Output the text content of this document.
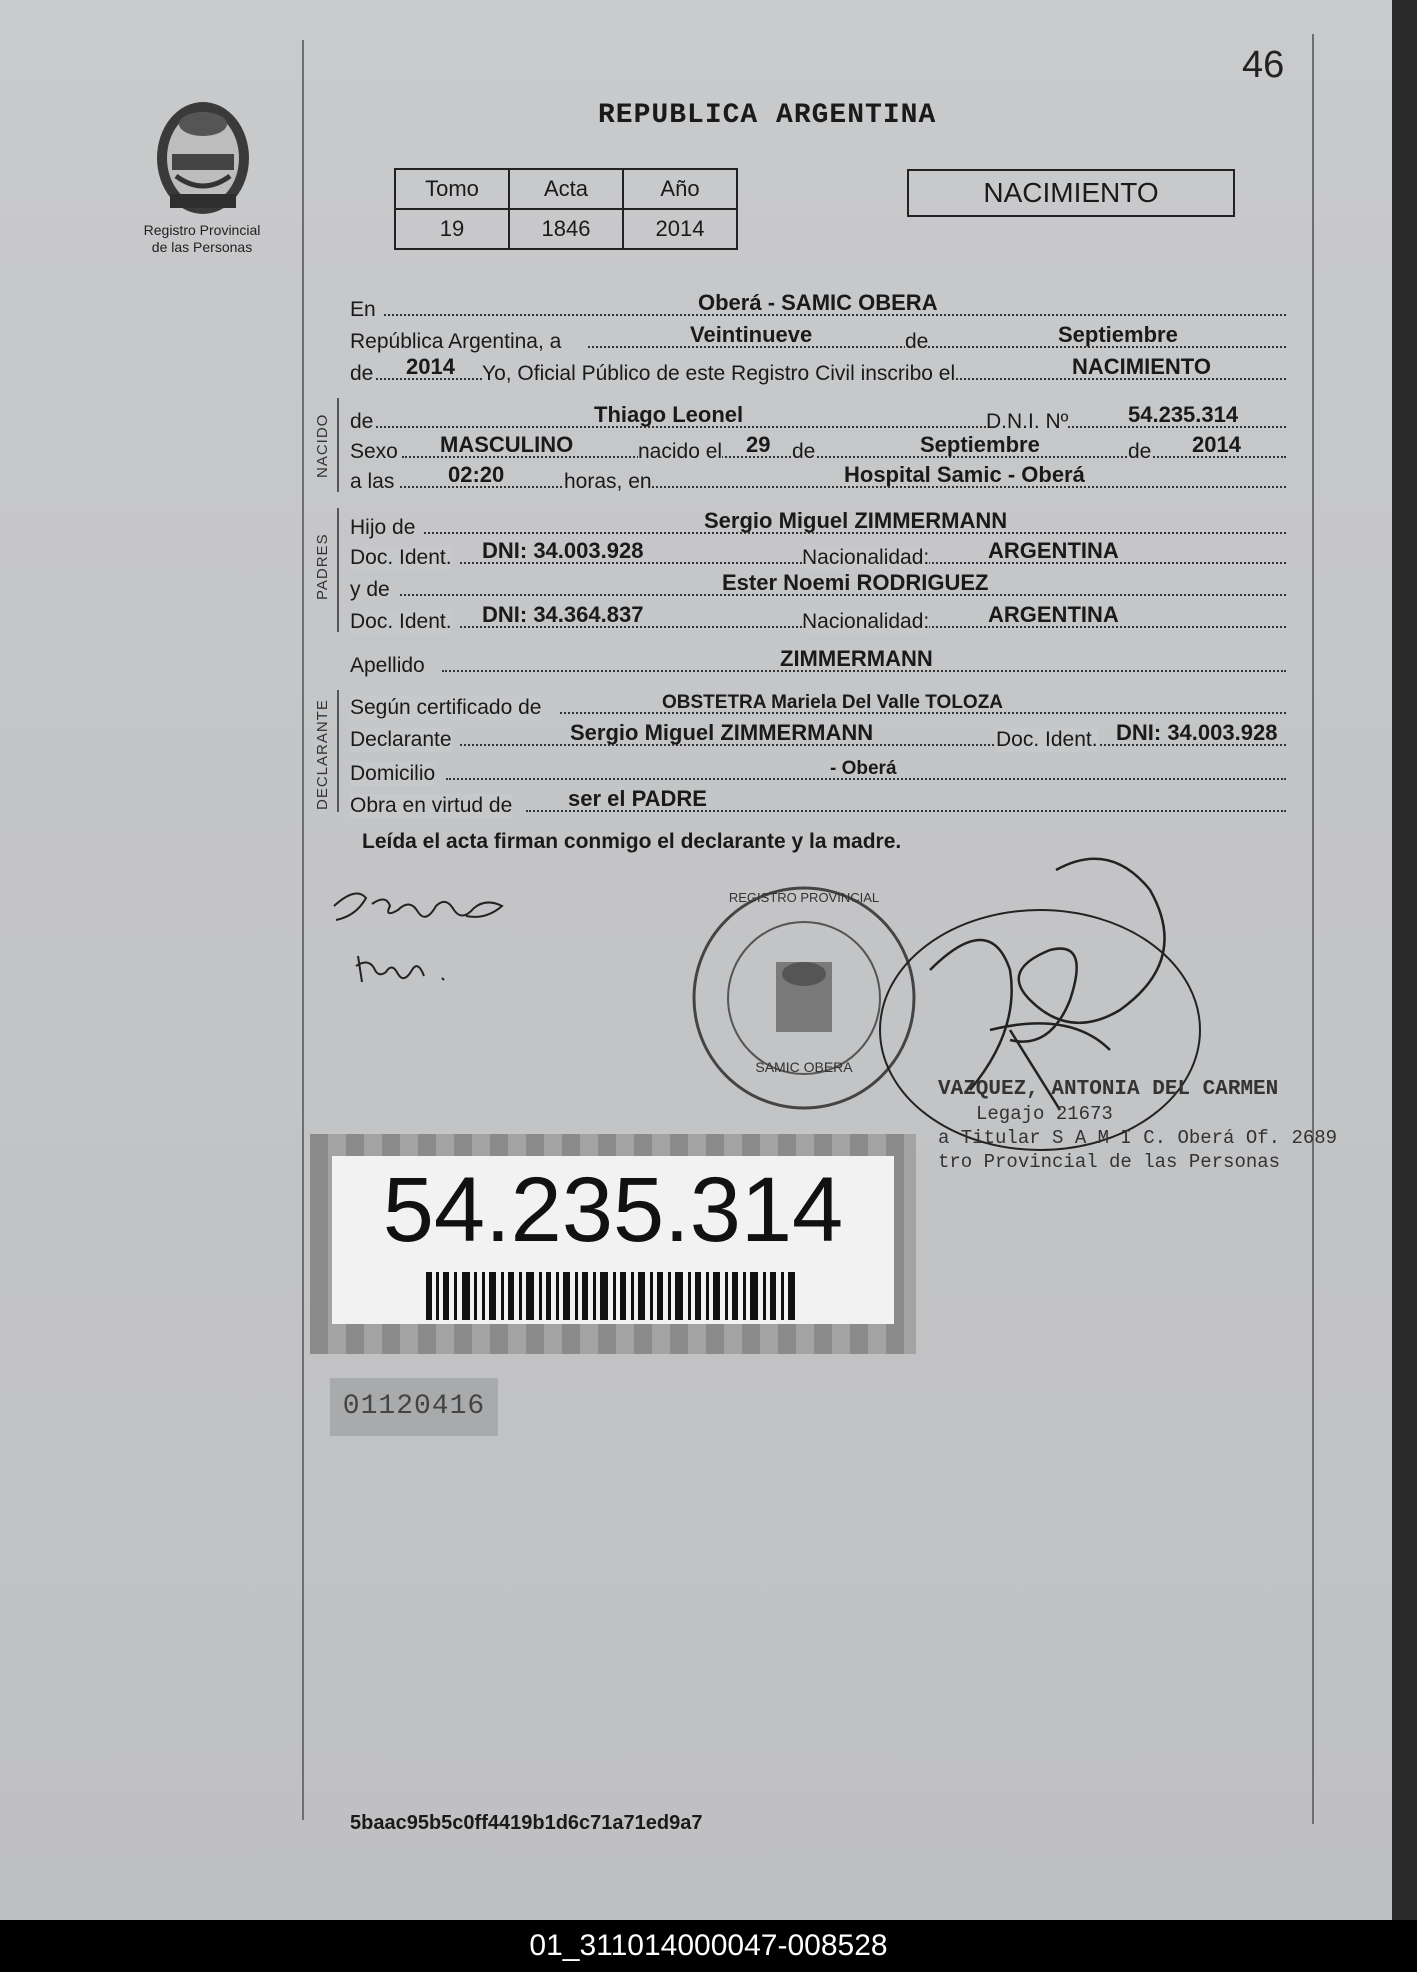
46
Registro Provincial
de las Personas
REPUBLICA ARGENTINA
Tomo	Acta	Año
19	1846	2014
NACIMIENTO
En	Oberá - SAMIC OBERA
República Argentina, a	Veintinueve	de	Septiembre
de 2014 Yo, Oficial Público de este Registro Civil inscribo el	NACIMIENTO
NACIDO de	Thiago Leonel	D.N.I. Nº	54.235.314
Sexo MASCULINO	nacido el 29 de	Septiembre	de 2014
a las 02:20	horas, en	Hospital Samic - Oberá
PADRES
Hijo de	Sergio Miguel ZIMMERMANN
Doc. Ident. DNI: 34.003.928	Nacionalidad:	ARGENTINA
y de	Ester Noemi RODRIGUEZ
Doc. Ident. DNI: 34.364.837	Nacionalidad:	ARGENTINA
Apellido	ZIMMERMANN
DECLARANTE Según certificado de	OBSTETRA Mariela Del Valle TOLOZA
Declarante	Sergio Miguel ZIMMERMANN	Doc. Ident. DNI: 34.003.928
Domicilio	- Oberá
Obra en virtud de	ser el PADRE
Leída el acta firman conmigo el declarante y la madre.
REGISTRO PROVINCIAL
SAMIC OBERA
VAZQUEZ, ANTONIA DEL CARMEN
Legajo 21673
a Titular S A M I C. Oberá Of. 2689
tro Provincial de las Personas
54.235.314
01120416
5baac95b5c0ff4419b1d6c71a71ed9a7
01_311014000047-008528
